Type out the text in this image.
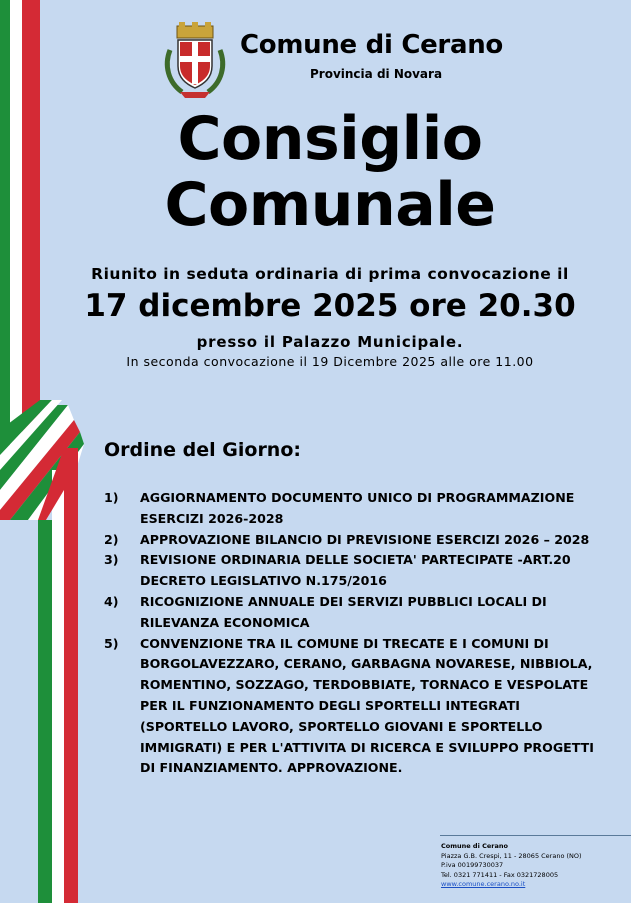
Comune di Cerano
Provincia di Novara
Consiglio
Comunale
Riunito in seduta ordinaria di prima convocazione il
17 dicembre 2025 ore 20.30
presso il Palazzo Municipale.
In seconda convocazione il 19 Dicembre 2025 alle ore 11.00
Ordine del Giorno:
1) AGGIORNAMENTO DOCUMENTO UNICO DI PROGRAMMAZIONE ESERCIZI 2026-2028
2) APPROVAZIONE BILANCIO DI PREVISIONE ESERCIZI 2026 – 2028
3) REVISIONE ORDINARIA DELLE SOCIETA' PARTECIPATE -ART.20 DECRETO LEGISLATIVO N.175/2016
4) RICOGNIZIONE ANNUALE DEI SERVIZI PUBBLICI LOCALI DI RILEVANZA ECONOMICA
5) CONVENZIONE TRA IL COMUNE DI TRECATE E I COMUNI DI BORGOLAVEZZARO, CERANO, GARBAGNA NOVARESE, NIBBIOLA, ROMENTINO, SOZZAGO, TERDOBBIATE, TORNACO E VESPOLATE PER IL FUNZIONAMENTO DEGLI SPORTELLI INTEGRATI (SPORTELLO LAVORO, SPORTELLO GIOVANI E SPORTELLO IMMIGRATI) E PER L'ATTIVITA DI RICERCA E SVILUPPO PROGETTI DI FINANZIAMENTO. APPROVAZIONE.
Comune di Cerano
Piazza G.B. Crespi, 11 - 28065 Cerano (NO)
P.iva 00199730037
Tel. 0321 771411 - Fax 0321728005
www.comune.cerano.no.it
